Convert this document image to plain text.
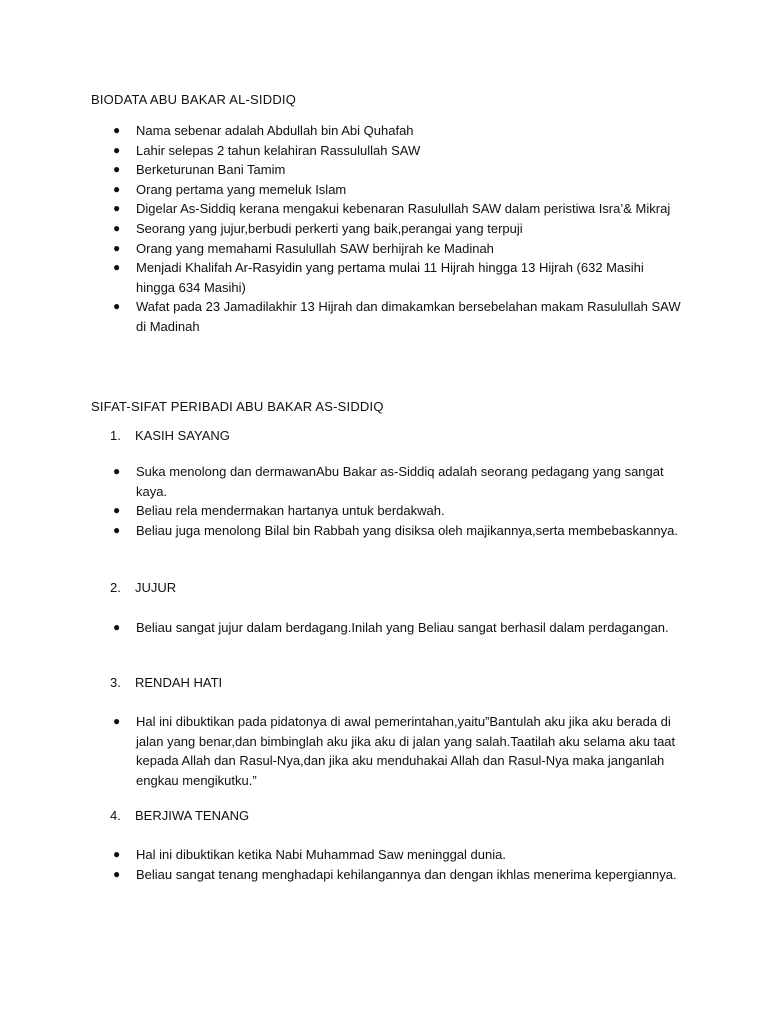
BIODATA ABU BAKAR AL-SIDDIQ
● Nama sebenar adalah Abdullah bin Abi Quhafah
● Lahir selepas 2 tahun kelahiran Rassulullah SAW
● Berketurunan Bani Tamim
● Orang pertama yang memeluk Islam
● Digelar As-Siddiq kerana mengakui kebenaran Rasulullah SAW dalam peristiwa Isra’& Mikraj
● Seorang yang jujur,berbudi perkerti yang baik,perangai yang terpuji
● Orang yang memahami Rasulullah SAW berhijrah ke Madinah
● Menjadi Khalifah Ar-Rasyidin yang pertama mulai 11 Hijrah hingga 13 Hijrah (632 Masihi hingga 634 Masihi)
● Wafat pada 23 Jamadilakhir 13 Hijrah dan dimakamkan bersebelahan makam Rasulullah SAW di Madinah
SIFAT-SIFAT PERIBADI ABU BAKAR AS-SIDDIQ

1. KASIH SAYANG

● Suka menolong dan dermawanAbu Bakar as-Siddiq adalah seorang pedagang yang sangat kaya.
● Beliau rela mendermakan hartanya untuk berdakwah.
● Beliau juga menolong Bilal bin Rabbah yang disiksa oleh majikannya,serta membebaskannya.

2. JUJUR

● Beliau sangat jujur dalam berdagang.Inilah yang Beliau sangat berhasil dalam perdagangan.

3. RENDAH HATI

● Hal ini dibuktikan pada pidatonya di awal pemerintahan,yaitu”Bantulah aku jika aku berada di jalan yang benar,dan bimbinglah aku jika aku di jalan yang salah.Taatilah aku selama aku taat kepada Allah dan Rasul-Nya,dan jika aku menduhakai Allah dan Rasul-Nya maka janganlah engkau mengikutku.”

4. BERJIWA TENANG

● Hal ini dibuktikan ketika Nabi Muhammad Saw meninggal dunia.
● Beliau sangat tenang menghadapi kehilangannya dan dengan ikhlas menerima kepergiannya.
